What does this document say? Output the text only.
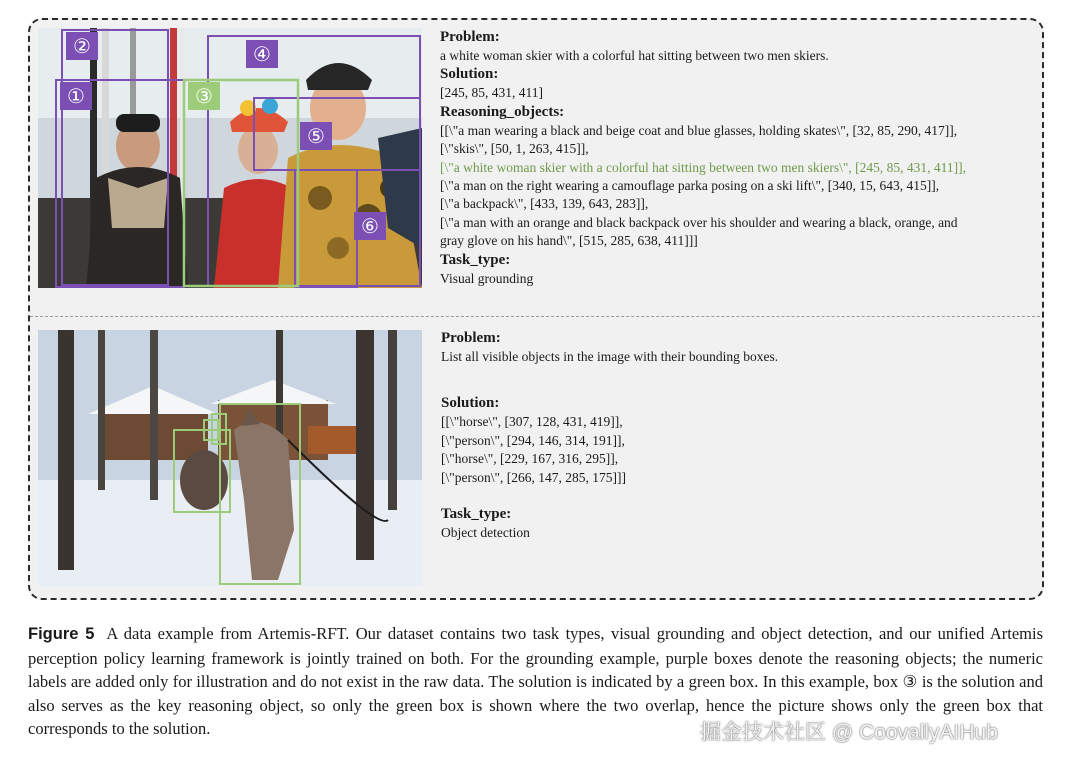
①
②
③
④
⑤
⑥
Problem:
a white woman skier with a colorful hat sitting between two men skiers.
Solution:
[245, 85, 431, 411]
Reasoning_objects:
[[\"a man wearing a black and beige coat and blue glasses, holding skates\", [32, 85, 290, 417]],
[\"skis\", [50, 1, 263, 415]],
[\"a white woman skier with a colorful hat sitting between two men skiers\", [245, 85, 431, 411]],
[\"a man on the right wearing a camouflage parka posing on a ski lift\", [340, 15, 643, 415]],
[\"a backpack\", [433, 139, 643, 283]],
[\"a man with an orange and black backpack over his shoulder and wearing a black, orange, and
gray glove on his hand\", [515, 285, 638, 411]]]
Task_type:
Visual grounding
Problem:
List all visible objects in the image with their bounding boxes.
Solution:
[[\"horse\", [307, 128, 431, 419]],
[\"person\", [294, 146, 314, 191]],
[\"horse\", [229, 167, 316, 295]],
[\"person\", [266, 147, 285, 175]]]
Task_type:
Object detection
Figure 5 A data example from Artemis-RFT. Our dataset contains two task types, visual grounding and object detection, and our unified Artemis perception policy learning framework is jointly trained on both. For the grounding example, purple boxes denote the reasoning objects; the numeric labels are added only for illustration and do not exist in the raw data. The solution is indicated by a green box. In this example, box ③ is the solution and also serves as the key reasoning object, so only the green box is shown where the two overlap, hence the picture shows only the green box that corresponds to the solution.	掘金技术社区 @ CoovallyAIHub
